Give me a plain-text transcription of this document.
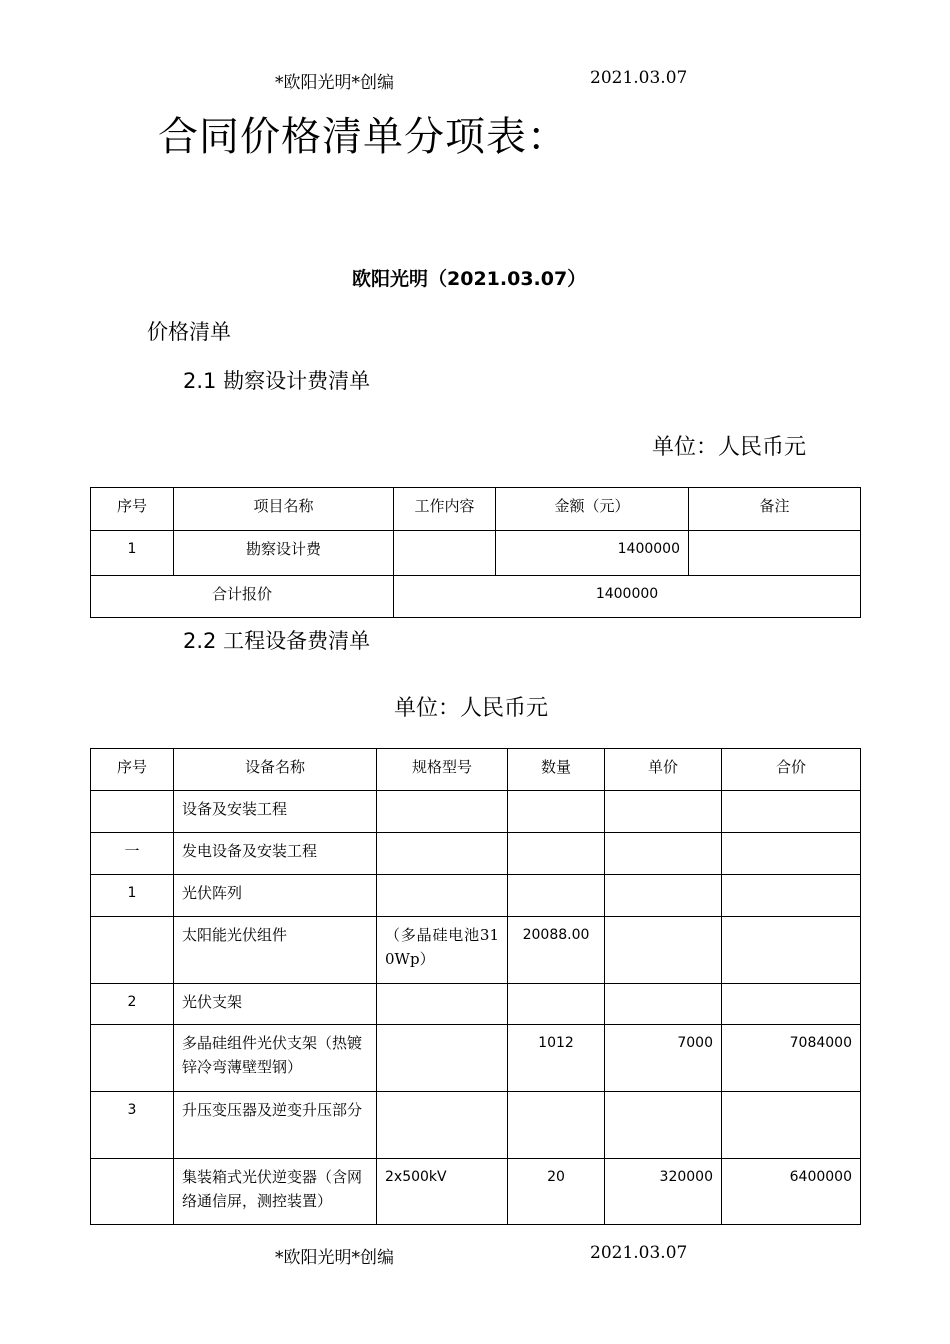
*欧阳光明*创编	2021.03.07
合同价格清单分项表：
欧阳光明（2021.03.07）
价格清单
2.1 勘察设计费清单
单位：人民币元
序号	项目名称	工作内容	金额（元）	备注
1	勘察设计费		1400000	
合计报价		1400000		
2.2 工程设备费清单
单位：人民币元
序号	设备名称	规格型号	数量	单价	合价
	设备及安装工程				
一	发电设备及安装工程				
1	光伏阵列				
	太阳能光伏组件	（多晶硅电池310Wp）	20088.00		
2	光伏支架				
	多晶硅组件光伏支架（热镀锌冷弯薄壁型钢）		1012	7000	7084000
3	升压变压器及逆变升压部分				
	集装箱式光伏逆变器（含网络通信屏，测控装置）	2x500kV	20	320000	6400000
*欧阳光明*创编	2021.03.07
